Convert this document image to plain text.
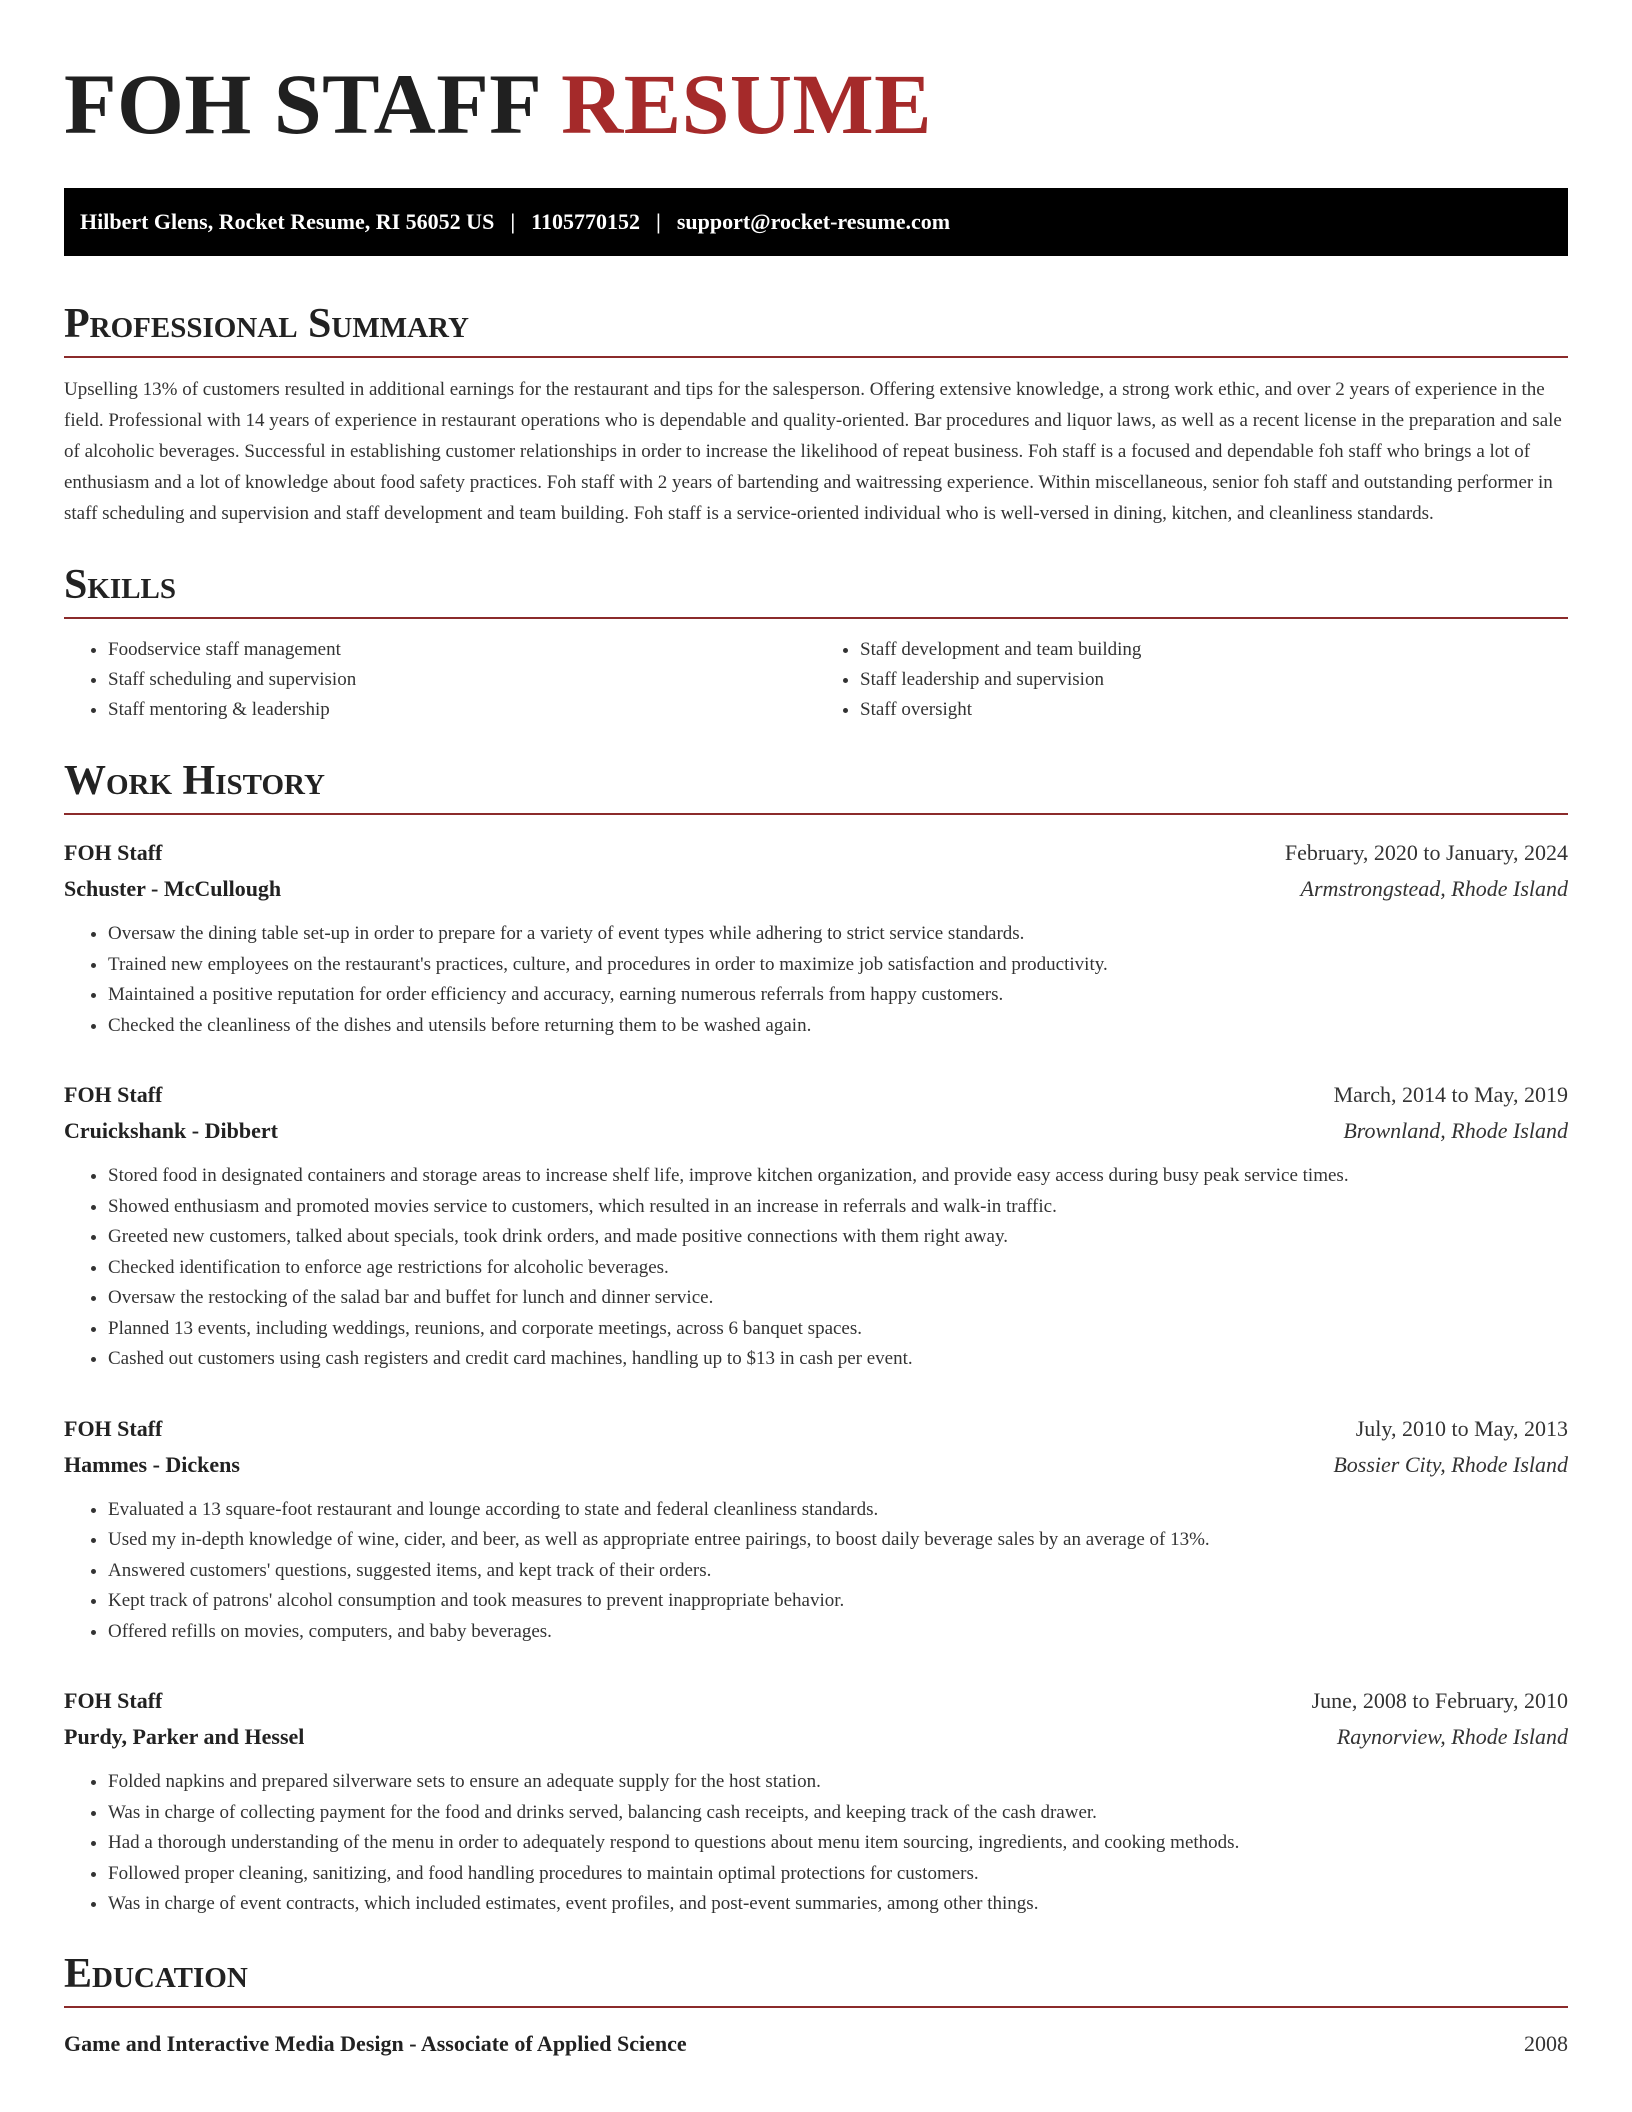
FOH STAFF RESUME
Hilbert Glens, Rocket Resume, RI 56052 US | 1105770152 | support@rocket-resume.com
Professional Summary

Upselling 13% of customers resulted in additional earnings for the restaurant and tips for the salesperson. Offering extensive knowledge, a strong work ethic, and over 2 years of experience in the field. Professional with 14 years of experience in restaurant operations who is dependable and quality-oriented. Bar procedures and liquor laws, as well as a recent license in the preparation and sale of alcoholic beverages. Successful in establishing customer relationships in order to increase the likelihood of repeat business. Foh staff is a focused and dependable foh staff who brings a lot of enthusiasm and a lot of knowledge about food safety practices. Foh staff with 2 years of bartending and waitressing experience. Within miscellaneous, senior foh staff and outstanding performer in staff scheduling and supervision and staff development and team building. Foh staff is a service-oriented individual who is well-versed in dining, kitchen, and cleanliness standards.

Skills
• Foodservice staff management
• Staff scheduling and supervision
• Staff mentoring & leadership
• Staff development and team building
• Staff leadership and supervision
• Staff oversight
Work History
FOH Staff	February, 2020 to January, 2024
Schuster - McCullough	Armstrongstead, Rhode Island
• Oversaw the dining table set-up in order to prepare for a variety of event types while adhering to strict service standards.
• Trained new employees on the restaurant's practices, culture, and procedures in order to maximize job satisfaction and productivity.
• Maintained a positive reputation for order efficiency and accuracy, earning numerous referrals from happy customers.
• Checked the cleanliness of the dishes and utensils before returning them to be washed again.
FOH Staff	March, 2014 to May, 2019
Cruickshank - Dibbert	Brownland, Rhode Island
• Stored food in designated containers and storage areas to increase shelf life, improve kitchen organization, and provide easy access during busy peak service times.
• Showed enthusiasm and promoted movies service to customers, which resulted in an increase in referrals and walk-in traffic.
• Greeted new customers, talked about specials, took drink orders, and made positive connections with them right away.
• Checked identification to enforce age restrictions for alcoholic beverages.
• Oversaw the restocking of the salad bar and buffet for lunch and dinner service.
• Planned 13 events, including weddings, reunions, and corporate meetings, across 6 banquet spaces.
• Cashed out customers using cash registers and credit card machines, handling up to $13 in cash per event.
FOH Staff	July, 2010 to May, 2013
Hammes - Dickens	Bossier City, Rhode Island
• Evaluated a 13 square-foot restaurant and lounge according to state and federal cleanliness standards.
• Used my in-depth knowledge of wine, cider, and beer, as well as appropriate entree pairings, to boost daily beverage sales by an average of 13%.
• Answered customers' questions, suggested items, and kept track of their orders.
• Kept track of patrons' alcohol consumption and took measures to prevent inappropriate behavior.
• Offered refills on movies, computers, and baby beverages.
FOH Staff	June, 2008 to February, 2010
Purdy, Parker and Hessel	Raynorview, Rhode Island
• Folded napkins and prepared silverware sets to ensure an adequate supply for the host station.
• Was in charge of collecting payment for the food and drinks served, balancing cash receipts, and keeping track of the cash drawer.
• Had a thorough understanding of the menu in order to adequately respond to questions about menu item sourcing, ingredients, and cooking methods.
• Followed proper cleaning, sanitizing, and food handling procedures to maintain optimal protections for customers.
• Was in charge of event contracts, which included estimates, event profiles, and post-event summaries, among other things.
Education
Game and Interactive Media Design - Associate of Applied Science	2008
